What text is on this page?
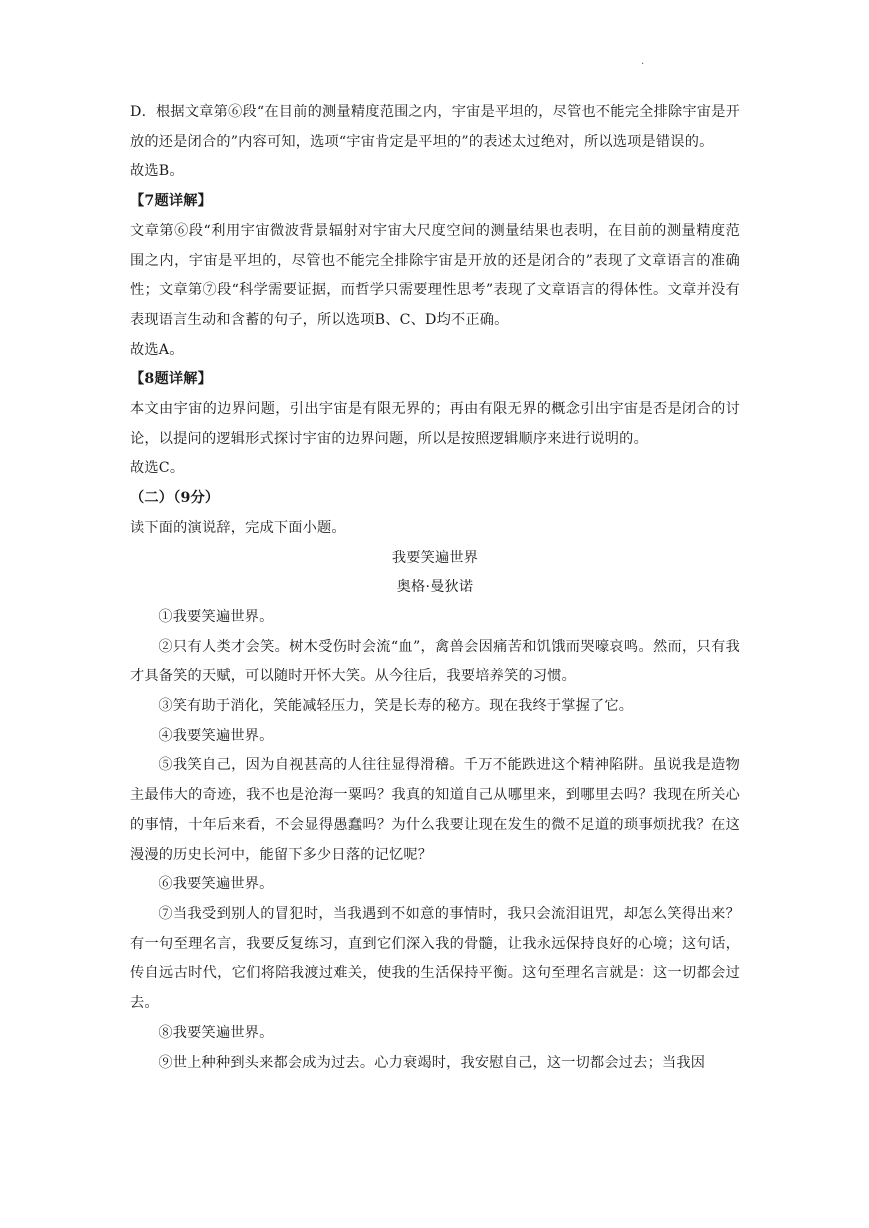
.

D．根据文章第⑥段“在目前的测量精度范围之内，宇宙是平坦的，尽管也不能完全排除宇宙是开放的还是闭合的”内容可知，选项“宇宙肯定是平坦的”的表述太过绝对，所以选项是错误的。

故选B。

【7题详解】

文章第⑥段“利用宇宙微波背景辐射对宇宙大尺度空间的测量结果也表明，在目前的测量精度范围之内，宇宙是平坦的，尽管也不能完全排除宇宙是开放的还是闭合的”表现了文章语言的准确性；文章第⑦段“科学需要证据，而哲学只需要理性思考”表现了文章语言的得体性。文章并没有表现语言生动和含蓄的句子，所以选项B、C、D均不正确。

故选A。

【8题详解】

本文由宇宙的边界问题，引出宇宙是有限无界的；再由有限无界的概念引出宇宙是否是闭合的讨论，以提问的逻辑形式探讨宇宙的边界问题，所以是按照逻辑顺序来进行说明的。

故选C。

（二）（9分）

读下面的演说辞，完成下面小题。

我要笑遍世界

奥格·曼狄诺

①我要笑遍世界。

②只有人类才会笑。树木受伤时会流“血”，禽兽会因痛苦和饥饿而哭嚎哀鸣。然而，只有我才具备笑的天赋，可以随时开怀大笑。从今往后，我要培养笑的习惯。

③笑有助于消化，笑能减轻压力，笑是长寿的秘方。现在我终于掌握了它。

④我要笑遍世界。

⑤我笑自己，因为自视甚高的人往往显得滑稽。千万不能跌进这个精神陷阱。虽说我是造物主最伟大的奇迹，我不也是沧海一粟吗？我真的知道自己从哪里来，到哪里去吗？我现在所关心的事情，十年后来看，不会显得愚蠢吗？为什么我要让现在发生的微不足道的琐事烦扰我？在这漫漫的历史长河中，能留下多少日落的记忆呢？

⑥我要笑遍世界。

⑦当我受到别人的冒犯时，当我遇到不如意的事情时，我只会流泪诅咒，却怎么笑得出来？有一句至理名言，我要反复练习，直到它们深入我的骨髓，让我永远保持良好的心境；这句话，传自远古时代，它们将陪我渡过难关，使我的生活保持平衡。这句至理名言就是：这一切都会过去。

⑧我要笑遍世界。

⑨世上种种到头来都会成为过去。心力衰竭时，我安慰自己，这一切都会过去；当我因
